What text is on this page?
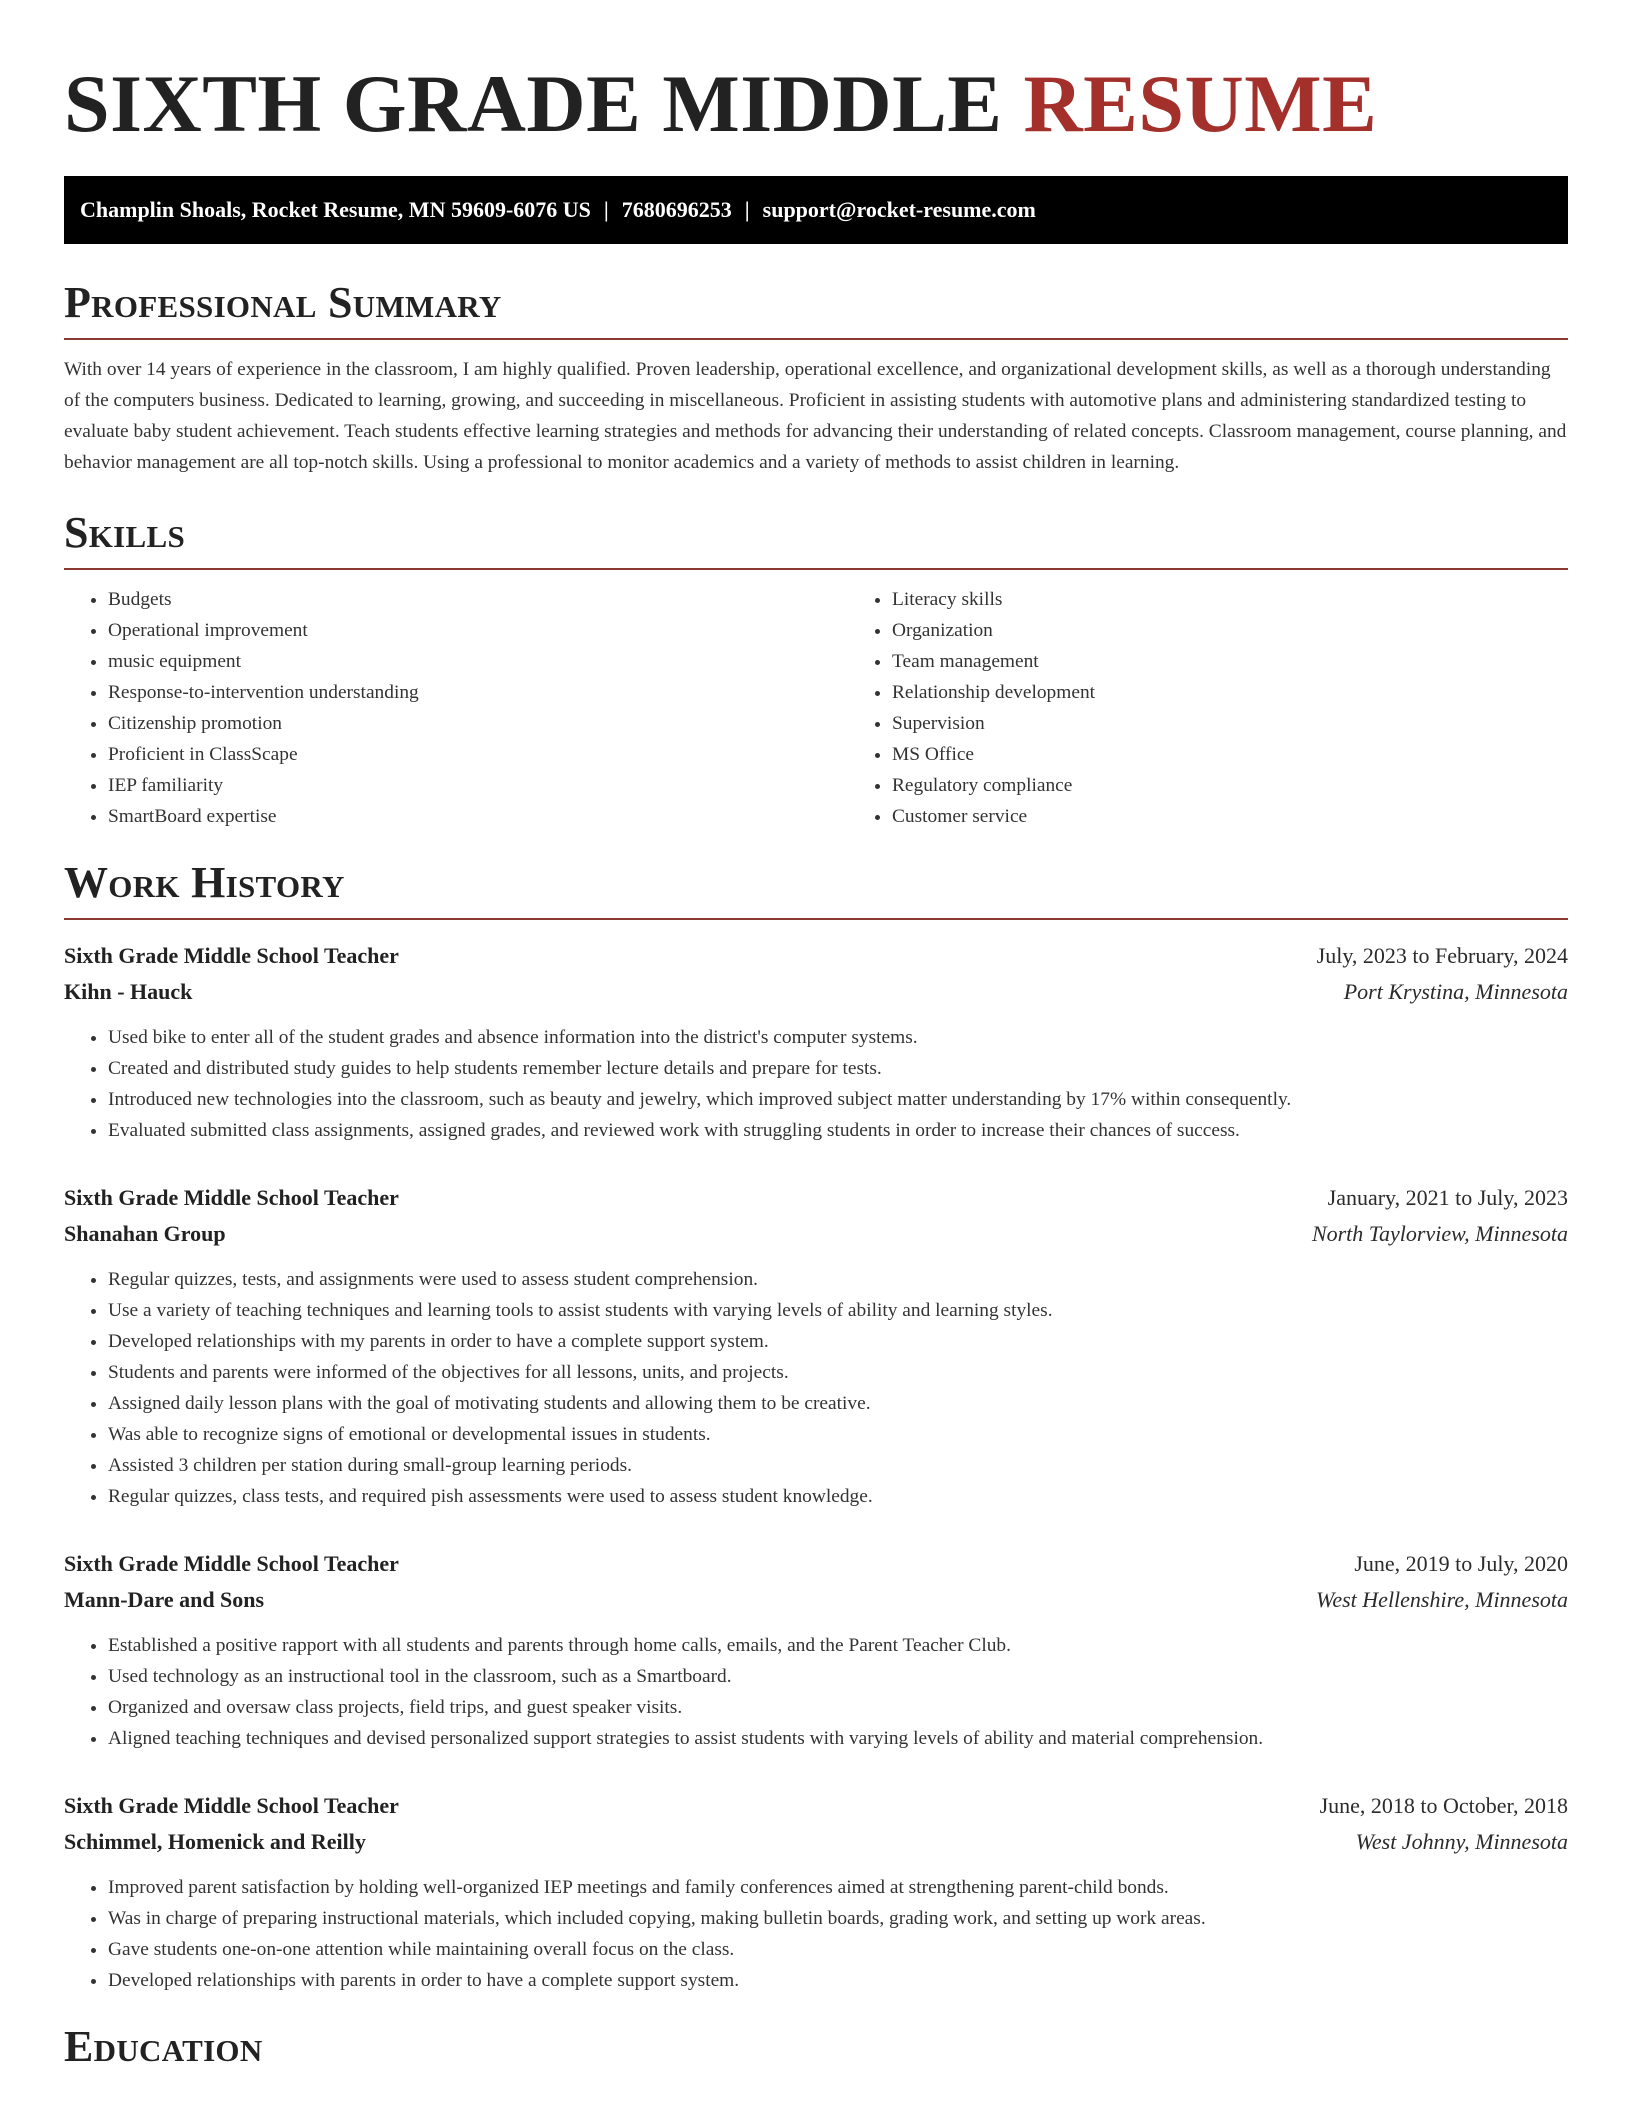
SIXTH GRADE MIDDLE RESUME
Champlin Shoals, Rocket Resume, MN 59609-6076 US | 7680696253 | support@rocket-resume.com
Professional Summary

With over 14 years of experience in the classroom, I am highly qualified. Proven leadership, operational excellence, and organizational development skills, as well as a thorough understanding of the computers business. Dedicated to learning, growing, and succeeding in miscellaneous. Proficient in assisting students with automotive plans and administering standardized testing to evaluate baby student achievement. Teach students effective learning strategies and methods for advancing their understanding of related concepts. Classroom management, course planning, and behavior management are all top-notch skills. Using a professional to monitor academics and a variety of methods to assist children in learning.

Skills
• Budgets
• Operational improvement
• music equipment
• Response-to-intervention understanding
• Citizenship promotion
• Proficient in ClassScape
• IEP familiarity
• SmartBoard expertise
• Literacy skills
• Organization
• Team management
• Relationship development
• Supervision
• MS Office
• Regulatory compliance
• Customer service
Work History
Sixth Grade Middle School Teacher	July, 2023 to February, 2024
Kihn - Hauck	Port Krystina, Minnesota
• Used bike to enter all of the student grades and absence information into the district's computer systems.
• Created and distributed study guides to help students remember lecture details and prepare for tests.
• Introduced new technologies into the classroom, such as beauty and jewelry, which improved subject matter understanding by 17% within consequently.
• Evaluated submitted class assignments, assigned grades, and reviewed work with struggling students in order to increase their chances of success.
Sixth Grade Middle School Teacher	January, 2021 to July, 2023
Shanahan Group	North Taylorview, Minnesota
• Regular quizzes, tests, and assignments were used to assess student comprehension.
• Use a variety of teaching techniques and learning tools to assist students with varying levels of ability and learning styles.
• Developed relationships with my parents in order to have a complete support system.
• Students and parents were informed of the objectives for all lessons, units, and projects.
• Assigned daily lesson plans with the goal of motivating students and allowing them to be creative.
• Was able to recognize signs of emotional or developmental issues in students.
• Assisted 3 children per station during small-group learning periods.
• Regular quizzes, class tests, and required pish assessments were used to assess student knowledge.
Sixth Grade Middle School Teacher	June, 2019 to July, 2020
Mann-Dare and Sons	West Hellenshire, Minnesota
• Established a positive rapport with all students and parents through home calls, emails, and the Parent Teacher Club.
• Used technology as an instructional tool in the classroom, such as a Smartboard.
• Organized and oversaw class projects, field trips, and guest speaker visits.
• Aligned teaching techniques and devised personalized support strategies to assist students with varying levels of ability and material comprehension.
Sixth Grade Middle School Teacher	June, 2018 to October, 2018
Schimmel, Homenick and Reilly	West Johnny, Minnesota
• Improved parent satisfaction by holding well-organized IEP meetings and family conferences aimed at strengthening parent-child bonds.
• Was in charge of preparing instructional materials, which included copying, making bulletin boards, grading work, and setting up work areas.
• Gave students one-on-one attention while maintaining overall focus on the class.
• Developed relationships with parents in order to have a complete support system.
Education
